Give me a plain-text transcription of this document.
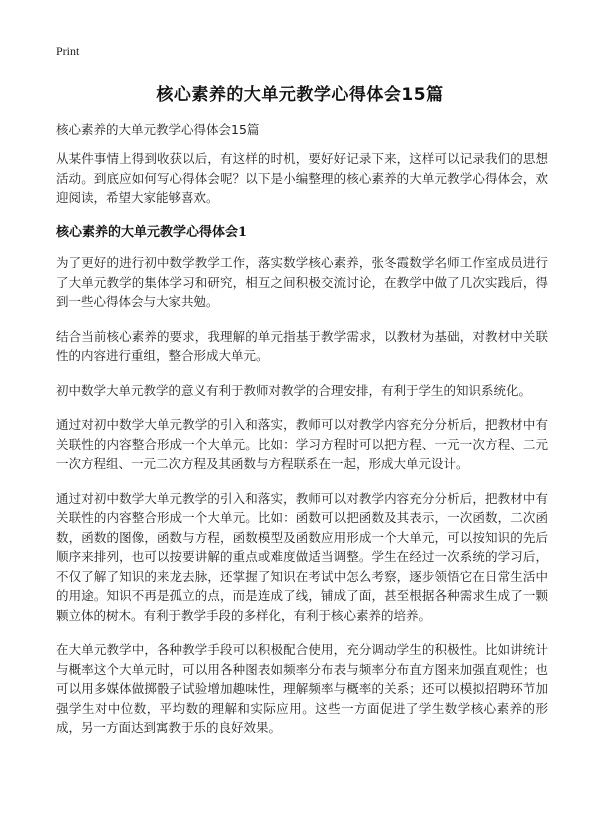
Print
核心素养的大单元教学心得体会15篇
核心素养的大单元教学心得体会15篇

从某件事情上得到收获以后，有这样的时机，要好好记录下来，这样可以记录我们的思想活动。到底应如何写心得体会呢？以下是小编整理的核心素养的大单元教学心得体会，欢迎阅读，希望大家能够喜欢。

核心素养的大单元教学心得体会1

为了更好的进行初中数学教学工作，落实数学核心素养，张冬霞数学名师工作室成员进行了大单元教学的集体学习和研究，相互之间积极交流讨论，在教学中做了几次实践后，得到一些心得体会与大家共勉。

结合当前核心素养的要求，我理解的单元指基于教学需求，以教材为基础，对教材中关联性的内容进行重组，整合形成大单元。

初中数学大单元教学的意义有利于教师对教学的合理安排，有利于学生的知识系统化。

通过对初中数学大单元教学的引入和落实，教师可以对教学内容充分分析后，把教材中有关联性的内容整合形成一个大单元。比如：学习方程时可以把方程、一元一次方程、二元一次方程组、一元二次方程及其函数与方程联系在一起，形成大单元设计。

通过对初中数学大单元教学的引入和落实，教师可以对教学内容充分分析后，把教材中有关联性的内容整合形成一个大单元。比如：函数可以把函数及其表示，一次函数，二次函数，函数的图像，函数与方程，函数模型及函数应用形成一个大单元，可以按知识的先后顺序来排列，也可以按要讲解的重点或难度做适当调整。学生在经过一次系统的学习后，不仅了解了知识的来龙去脉，还掌握了知识在考试中怎么考察，逐步领悟它在日常生活中的用途。知识不再是孤立的点，而是连成了线，铺成了面，甚至根据各种需求生成了一颗颗立体的树木。有利于教学手段的多样化，有利于核心素养的培养。

在大单元教学中，各种教学手段可以积极配合使用，充分调动学生的积极性。比如讲统计与概率这个大单元时，可以用各种图表如频率分布表与频率分布直方图来加强直观性；也可以用多媒体做掷骰子试验增加趣味性，理解频率与概率的关系；还可以模拟招聘环节加强学生对中位数，平均数的理解和实际应用。这些一方面促进了学生数学核心素养的形成，另一方面达到寓教于乐的良好效果。
